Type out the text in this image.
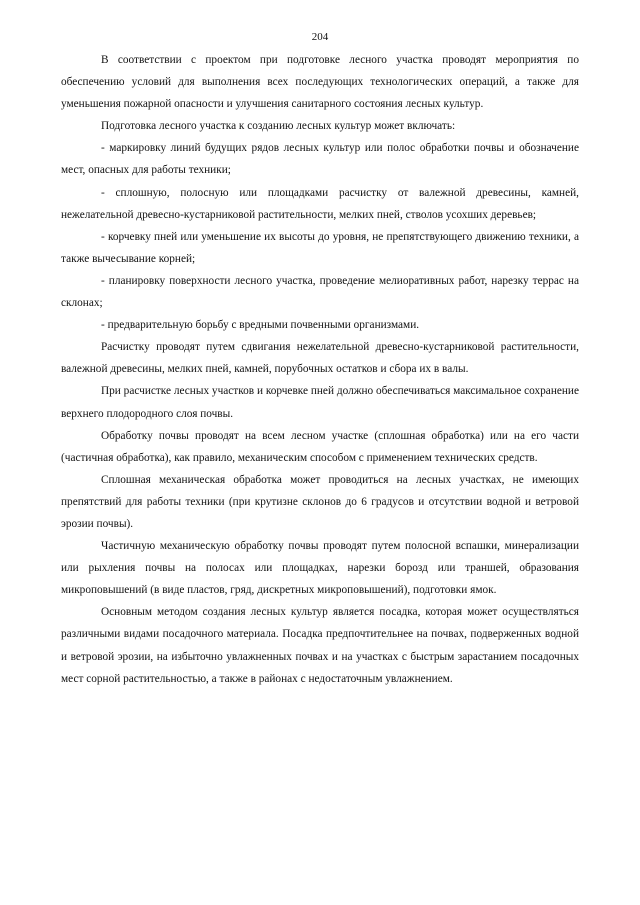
204

В соответствии с проектом при подготовке лесного участка проводят мероприятия по обеспечению условий для выполнения всех последующих технологических операций, а также для уменьшения пожарной опасности и улучшения санитарного состояния лесных культур.

Подготовка лесного участка к созданию лесных культур может включать:

- маркировку линий будущих рядов лесных культур или полос обработки почвы и обозначение мест, опасных для работы техники;

- сплошную, полосную или площадками расчистку от валежной древесины, камней, нежелательной древесно-кустарниковой растительности, мелких пней, стволов усохших деревьев;

- корчевку пней или уменьшение их высоты до уровня, не препятствующего движению техники, а также вычесывание корней;

- планировку поверхности лесного участка, проведение мелиоративных работ, нарезку террас на склонах;

- предварительную борьбу с вредными почвенными организмами.

Расчистку проводят путем сдвигания нежелательной древесно-кустарниковой растительности, валежной древесины, мелких пней, камней, порубочных остатков и сбора их в валы.

При расчистке лесных участков и корчевке пней должно обеспечиваться максимальное сохранение верхнего плодородного слоя почвы.

Обработку почвы проводят на всем лесном участке (сплошная обработка) или на его части (частичная обработка), как правило, механическим способом с применением технических средств.

Сплошная механическая обработка может проводиться на лесных участках, не имеющих препятствий для работы техники (при крутизне склонов до 6 градусов и отсутствии водной и ветровой эрозии почвы).

Частичную механическую обработку почвы проводят путем полосной вспашки, минерализации или рыхления почвы на полосах или площадках, нарезки борозд или траншей, образования микроповышений (в виде пластов, гряд, дискретных микроповышений), подготовки ямок.

Основным методом создания лесных культур является посадка, которая может осуществляться различными видами посадочного материала. Посадка предпочтительнее на почвах, подверженных водной и ветровой эрозии, на избыточно увлажненных почвах и на участках с быстрым зарастанием посадочных мест сорной растительностью, а также в районах с недостаточным увлажнением.
